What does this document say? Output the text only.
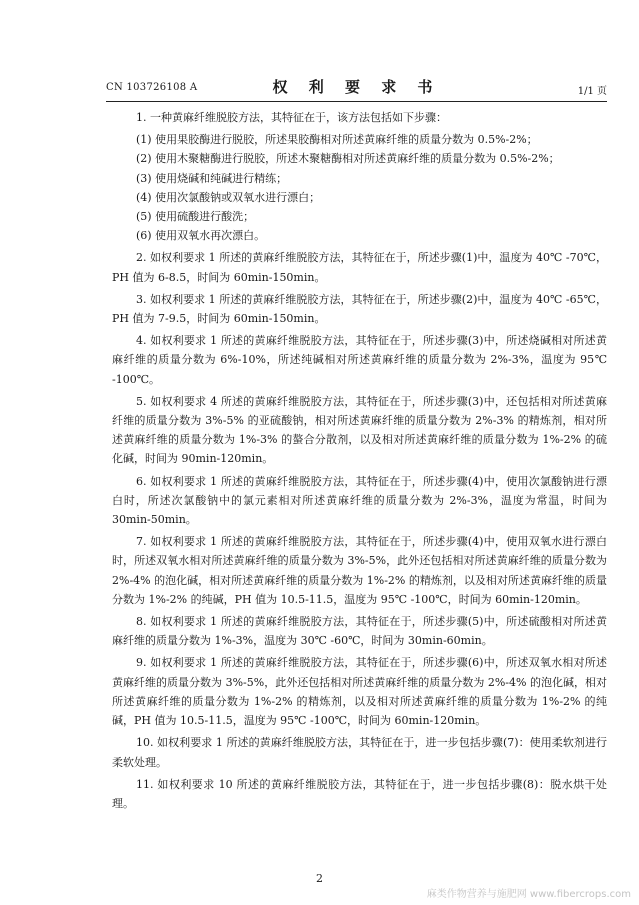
CN 103726108 A	权 利 要 求 书	1/1 页

1. 一种黄麻纤维脱胶方法，其特征在于，该方法包括如下步骤：

(1) 使用果胶酶进行脱胶，所述果胶酶相对所述黄麻纤维的质量分数为 0.5%-2%；

(2) 使用木聚糖酶进行脱胶，所述木聚糖酶相对所述黄麻纤维的质量分数为 0.5%-2%；

(3) 使用烧碱和纯碱进行精练；

(4) 使用次氯酸钠或双氧水进行漂白；

(5) 使用硫酸进行酸洗；

(6) 使用双氧水再次漂白。

2. 如权利要求 1 所述的黄麻纤维脱胶方法，其特征在于，所述步骤(1)中，温度为 40℃ -70℃，PH 值为 6-8.5，时间为 60min-150min。

3. 如权利要求 1 所述的黄麻纤维脱胶方法，其特征在于，所述步骤(2)中，温度为 40℃ -65℃，PH 值为 7-9.5，时间为 60min-150min。

4. 如权利要求 1 所述的黄麻纤维脱胶方法，其特征在于，所述步骤(3)中，所述烧碱相对所述黄麻纤维的质量分数为 6%-10%，所述纯碱相对所述黄麻纤维的质量分数为 2%-3%，温度为 95℃ -100℃。

5. 如权利要求 4 所述的黄麻纤维脱胶方法，其特征在于，所述步骤(3)中，还包括相对所述黄麻纤维的质量分数为 3%-5% 的亚硫酸钠，相对所述黄麻纤维的质量分数为 2%-3% 的精炼剂，相对所述黄麻纤维的质量分数为 1%-3% 的螯合分散剂，以及相对所述黄麻纤维的质量分数为 1%-2% 的硫化碱，时间为 90min-120min。

6. 如权利要求 1 所述的黄麻纤维脱胶方法，其特征在于，所述步骤(4)中，使用次氯酸钠进行漂白时，所述次氯酸钠中的氯元素相对所述黄麻纤维的质量分数为 2%-3%，温度为常温，时间为 30min-50min。

7. 如权利要求 1 所述的黄麻纤维脱胶方法，其特征在于，所述步骤(4)中，使用双氧水进行漂白时，所述双氧水相对所述黄麻纤维的质量分数为 3%-5%，此外还包括相对所述黄麻纤维的质量分数为 2%-4% 的泡化碱，相对所述黄麻纤维的质量分数为 1%-2% 的精炼剂，以及相对所述黄麻纤维的质量分数为 1%-2% 的纯碱，PH 值为 10.5-11.5，温度为 95℃ -100℃，时间为 60min-120min。

8. 如权利要求 1 所述的黄麻纤维脱胶方法，其特征在于，所述步骤(5)中，所述硫酸相对所述黄麻纤维的质量分数为 1%-3%，温度为 30℃ -60℃，时间为 30min-60min。

9. 如权利要求 1 所述的黄麻纤维脱胶方法，其特征在于，所述步骤(6)中，所述双氧水相对所述黄麻纤维的质量分数为 3%-5%，此外还包括相对所述黄麻纤维的质量分数为 2%-4% 的泡化碱，相对所述黄麻纤维的质量分数为 1%-2% 的精炼剂，以及相对所述黄麻纤维的质量分数为 1%-2% 的纯碱，PH 值为 10.5-11.5，温度为 95℃ -100℃，时间为 60min-120min。

10. 如权利要求 1 所述的黄麻纤维脱胶方法，其特征在于，进一步包括步骤(7)：使用柔软剂进行柔软处理。

11. 如权利要求 10 所述的黄麻纤维脱胶方法，其特征在于，进一步包括步骤(8)：脱水烘干处理。

2
麻类作物营养与施肥网 www.fibercrops.com
